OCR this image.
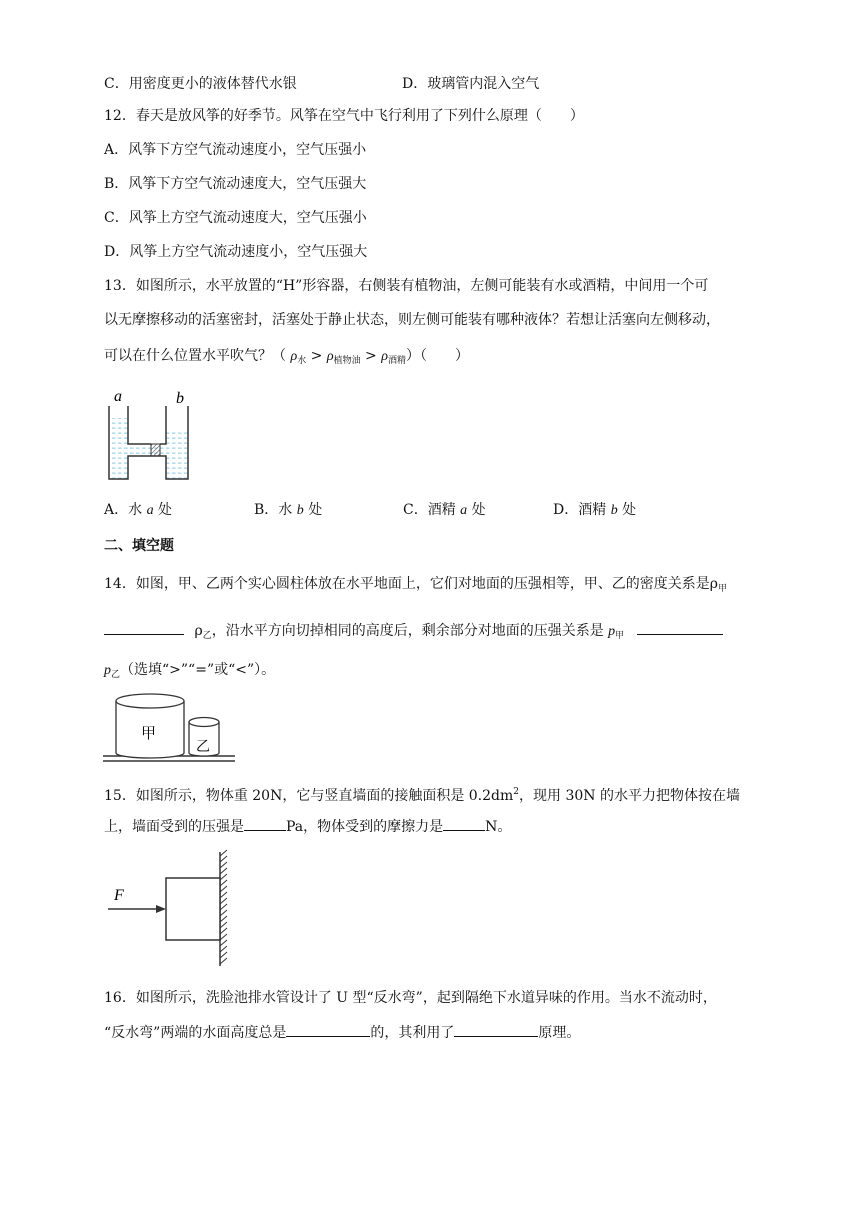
C．用密度更小的液体替代水银	D．玻璃管内混入空气
12．春天是放风筝的好季节。风筝在空气中飞行利用了下列什么原理（　　）
A．风筝下方空气流动速度小，空气压强小
B．风筝下方空气流动速度大，空气压强大
C．风筝上方空气流动速度大，空气压强小
D．风筝上方空气流动速度小，空气压强大
13．如图所示，水平放置的“H”形容器，右侧装有植物油，左侧可能装有水或酒精，中间用一个可
以无摩擦移动的活塞密封，活塞处于静止状态，则左侧可能装有哪种液体？若想让活塞向左侧移动，
可以在什么位置水平吹气？（ $\rho_水 > \rho_{植物油} > \rho_{酒精}$）（　　）
a	b
A．水 a 处	B．水 b 处	C．酒精 a 处	D．酒精 b 处
二、填空题
14．如图，甲、乙两个实心圆柱体放在水平地面上，它们对地面的压强相等，甲、乙的密度关系是$\rho_甲$
$\rho_乙$，沿水平方向切掉相同的高度后，剩余部分对地面的压强关系是 $p_甲$
$p_乙$（选填“>”“=”或“<”）。
甲
乙
15．如图所示，物体重 20N，它与竖直墙面的接触面积是 $0.2dm^2$，现用 30N 的水平力把物体按在墙
上，墙面受到的压强是	Pa，物体受到的摩擦力是	N。
F
16．如图所示，洗脸池排水管设计了 U 型“反水弯”，起到隔绝下水道异味的作用。当水不流动时，
“反水弯”两端的水面高度总是	的，其利用了	原理。
